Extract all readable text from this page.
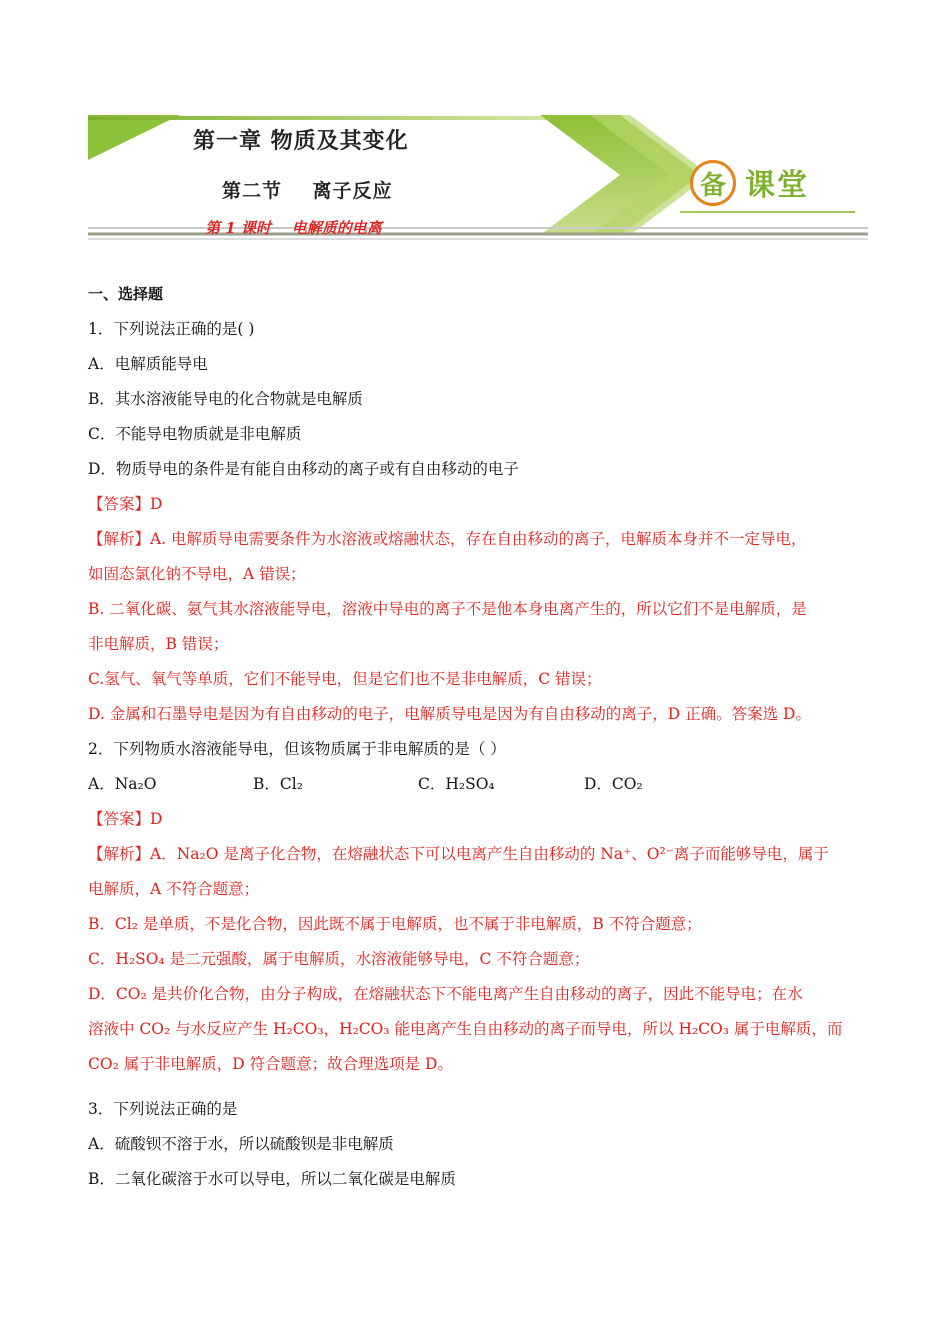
第一章 物质及其变化
第二节    离子反应
第 1 课时    电解质的电离
备 课堂
一、选择题
1．下列说法正确的是( )
A．电解质能导电
B．其水溶液能导电的化合物就是电解质
C．不能导电物质就是非电解质
D．物质导电的条件是有能自由移动的离子或有自由移动的电子
【答案】D
【解析】A. 电解质导电需要条件为水溶液或熔融状态，存在自由移动的离子，电解质本身并不一定导电，
如固态氯化钠不导电，A 错误；
B. 二氧化碳、氨气其水溶液能导电，溶液中导电的离子不是他本身电离产生的，所以它们不是电解质，是
非电解质，B 错误；
C.氢气、氧气等单质，它们不能导电，但是它们也不是非电解质，C 错误；
D. 金属和石墨导电是因为有自由移动的电子，电解质导电是因为有自由移动的离子，D 正确。答案选 D。
2．下列物质水溶液能导电，但该物质属于非电解质的是（ ）
A．Na₂O	B．Cl₂	C．H₂SO₄	D．CO₂
【答案】D
【解析】A．Na₂O 是离子化合物，在熔融状态下可以电离产生自由移动的 Na⁺、O²⁻离子而能够导电，属于
电解质，A 不符合题意；
B．Cl₂ 是单质，不是化合物，因此既不属于电解质，也不属于非电解质，B 不符合题意；
C．H₂SO₄ 是二元强酸，属于电解质，水溶液能够导电，C 不符合题意；
D．CO₂ 是共价化合物，由分子构成，在熔融状态下不能电离产生自由移动的离子，因此不能导电；在水
溶液中 CO₂ 与水反应产生 H₂CO₃，H₂CO₃ 能电离产生自由移动的离子而导电，所以 H₂CO₃ 属于电解质，而
CO₂ 属于非电解质，D 符合题意；故合理选项是 D。
3．下列说法正确的是
A．硫酸钡不溶于水，所以硫酸钡是非电解质
B．二氧化碳溶于水可以导电，所以二氧化碳是电解质
